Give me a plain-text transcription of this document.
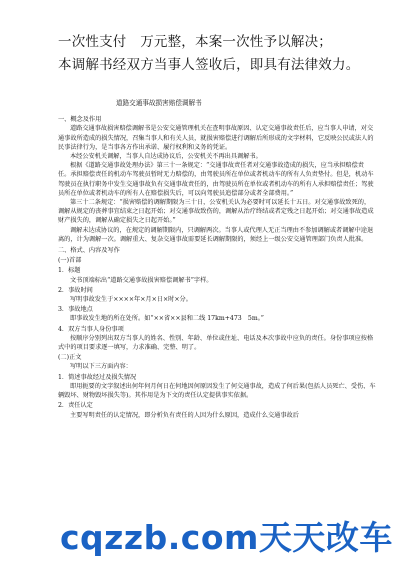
一次性支付　万元整，本案一次性予以解决；
本调解书经双方当事人签收后，即具有法律效力。
道路交通事故损害赔偿调解书

一、概念及作用

道路交通事故损害赔偿调解书是公安交通管理机关在查明事故原因、认定交通事故责任后，应当事人申请，对交通事故所造成的损失情况，召集当事人和有关人员，就损害赔偿进行调解后所形成的文字材料，它反映公民或法人的民事法律行为，是当事各方作出承诺、履行权利和义务的凭证。

本经公安机关调解，当事人自达成协议后，公安机关不再出具调解书。

根据《道路交通事故处理办法》第三十一条规定：“交通事故责任者对交通事故造成的损失，应当承担赔偿责任。承担赔偿责任的机动车驾驶员暂时无力赔偿的，由驾驶员所在单位或者机动车的所有人负责垫付。但是，机动车驾驶员在执行职务中发生交通事故负有交通事故责任的，由驾驶员所在单位或者机动车的所有人承担赔偿责任；驾驶员所在单位或者机动车的所有人在赔偿损失后，可以向驾驶员追偿部分或者全部费用。”

第三十二条规定：“损害赔偿的调解期限为三十日，公安机关认为必要时可以延长十五日。对交通事故致死的，调解从规定的丧葬事宜结束之日起开始；对交通事故致伤的，调解从治疗终结或者定残之日起开始；对交通事故造成财产损失的，调解从确定损失之日起开始。”

调解未达成协议的，在规定的调解期限内，只调解两次。当事人或代理人无正当理由不参加调解或者调解中途退离的，计为调解一次。调解重大、复杂交通事故需要延长调解期限的，须经上一级公安交通管理部门负责人批准。

二、格式、内容及写作

(一)首部

1．标题

文书顶端标出“道路交通事故损害赔偿调解书”字样。

2．事故时间

写明事故发生于××××年×月×日×时×分。

3．事故地点

即事故发生地的所在处所。如“××省××县和二线 17km+473　5m。”

4．双方当事人身份事项

按顺序分别列出双方当事人的姓名、性别、年龄、单位或住址、电话及本次事故中应负的责任。身份事项应按格式中的项目要求逐一填写，力求准确、完整、明了。

(二)正文

写明以下三方面内容：

1．简述事故经过及损失情况

即用扼要的文字叙述出何年何月何日在何地因何原因发生了何交通事故，造成了何后果(包括人员死亡、受伤、车辆毁坏、财物毁坏损失等)。其作用是为下文的责任认定提供事实依据。

2．责任认定

主要写明责任的认定情况，即分析负有责任的人因为什么原因，造成什么交通事故后

cqzzb.com天天改车
